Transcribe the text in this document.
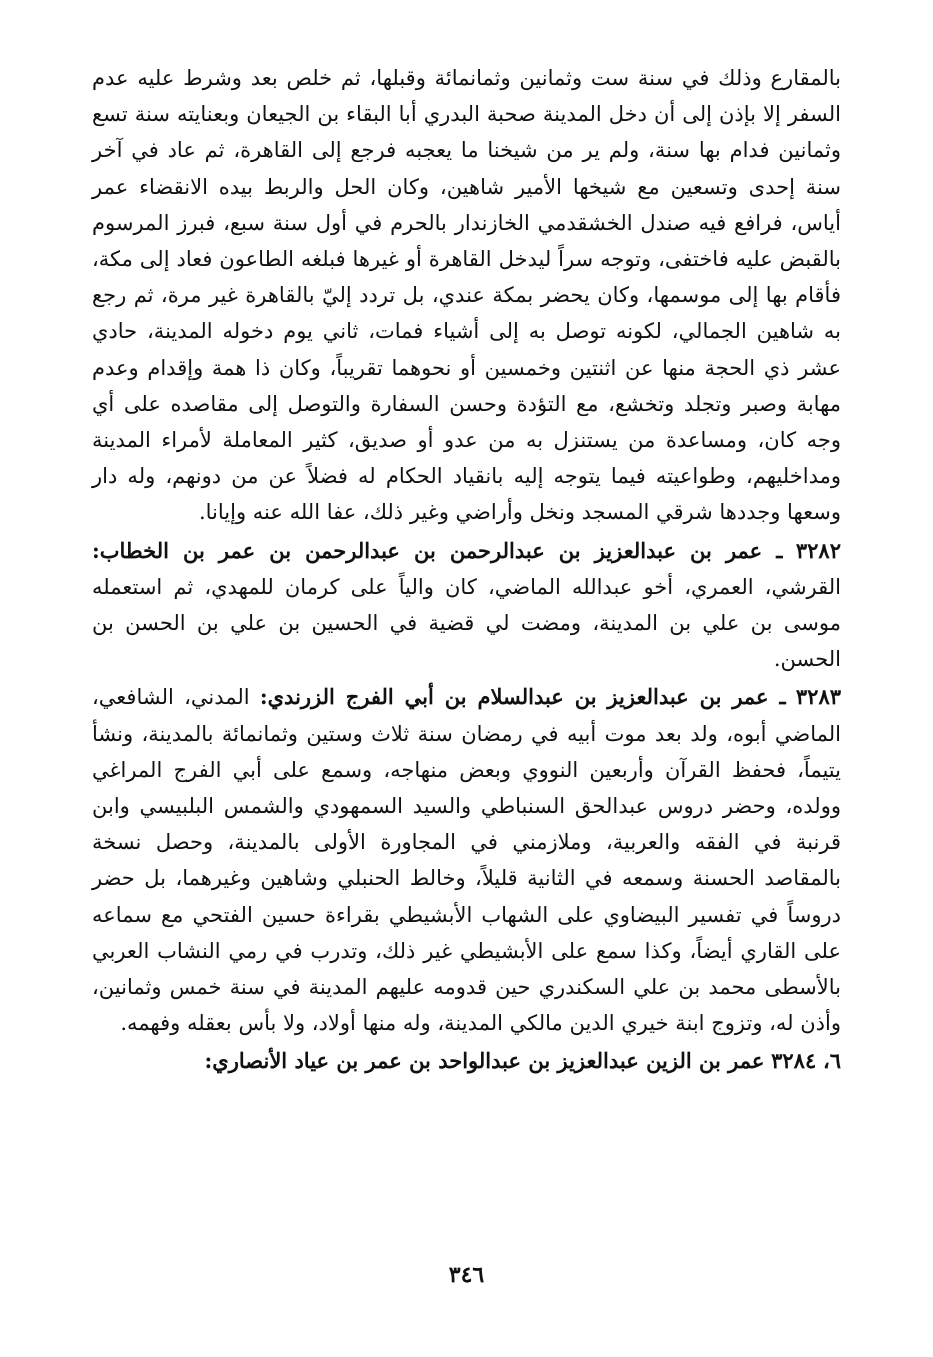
بالمقارع وذلك في سنة ست وثمانين وثمانمائة وقبلها، ثم خلص بعد وشرط عليه عدم السفر إلا بإذن إلى أن دخل المدينة صحبة البدري أبا البقاء بن الجيعان وبعنايته سنة تسع وثمانين فدام بها سنة، ولم ير من شيخنا ما يعجبه فرجع إلى القاهرة، ثم عاد في آخر سنة إحدى وتسعين مع شيخها الأمير شاهين، وكان الحل والربط بيده الانقضاء عمر أياس، فرافع فيه صندل الخشقدمي الخازندار بالحرم في أول سنة سبع، فبرز المرسوم بالقبض عليه فاختفى، وتوجه سراً ليدخل القاهرة أو غيرها فبلغه الطاعون فعاد إلى مكة، فأقام بها إلى موسمها، وكان يحضر بمكة عندي، بل تردد إليّ بالقاهرة غير مرة، ثم رجع به شاهين الجمالي، لكونه توصل به إلى أشياء فمات، ثاني يوم دخوله المدينة، حادي عشر ذي الحجة منها عن اثنتين وخمسين أو نحوهما تقريباً، وكان ذا همة وإقدام وعدم مهابة وصبر وتجلد وتخشع، مع التؤدة وحسن السفارة والتوصل إلى مقاصده على أي وجه كان، ومساعدة من يستنزل به من عدو أو صديق، كثير المعاملة لأمراء المدينة ومداخليهم، وطواعيته فيما يتوجه إليه بانقياد الحكام له فضلاً عن من دونهم، وله دار وسعها وجددها شرقي المسجد ونخل وأراضي وغير ذلك، عفا الله عنه وإيانا.

٣٢٨٢ ـ عمر بن عبدالعزيز بن عبدالرحمن بن عبدالرحمن بن عمر بن الخطاب: القرشي، العمري، أخو عبدالله الماضي، كان والياً على كرمان للمهدي، ثم استعمله موسى بن علي بن المدينة، ومضت لي قضية في الحسين بن علي بن الحسن بن الحسن.

٣٢٨٣ ـ عمر بن عبدالعزيز بن عبدالسلام بن أبي الفرج الزرندي: المدني، الشافعي، الماضي أبوه، ولد بعد موت أبيه في رمضان سنة ثلاث وستين وثمانمائة بالمدينة، ونشأ يتيماً، فحفظ القرآن وأربعين النووي وبعض منهاجه، وسمع على أبي الفرج المراغي وولده، وحضر دروس عبدالحق السنباطي والسيد السمهودي والشمس البلبيسي وابن قرنبة في الفقه والعربية، وملازمني في المجاورة الأولى بالمدينة، وحصل نسخة بالمقاصد الحسنة وسمعه في الثانية قليلاً، وخالط الحنبلي وشاهين وغيرهما، بل حضر دروساً في تفسير البيضاوي على الشهاب الأبشيطي بقراءة حسين الفتحي مع سماعه على القاري أيضاً، وكذا سمع على الأبشيطي غير ذلك، وتدرب في رمي النشاب العربي بالأسطى محمد بن علي السكندري حين قدومه عليهم المدينة في سنة خمس وثمانين، وأذن له، وتزوج ابنة خيري الدين مالكي المدينة، وله منها أولاد، ولا بأس بعقله وفهمه.

٦، ٣٢٨٤ عمر بن الزين عبدالعزيز بن عبدالواحد بن عمر بن عياد الأنصاري:

٣٤٦
